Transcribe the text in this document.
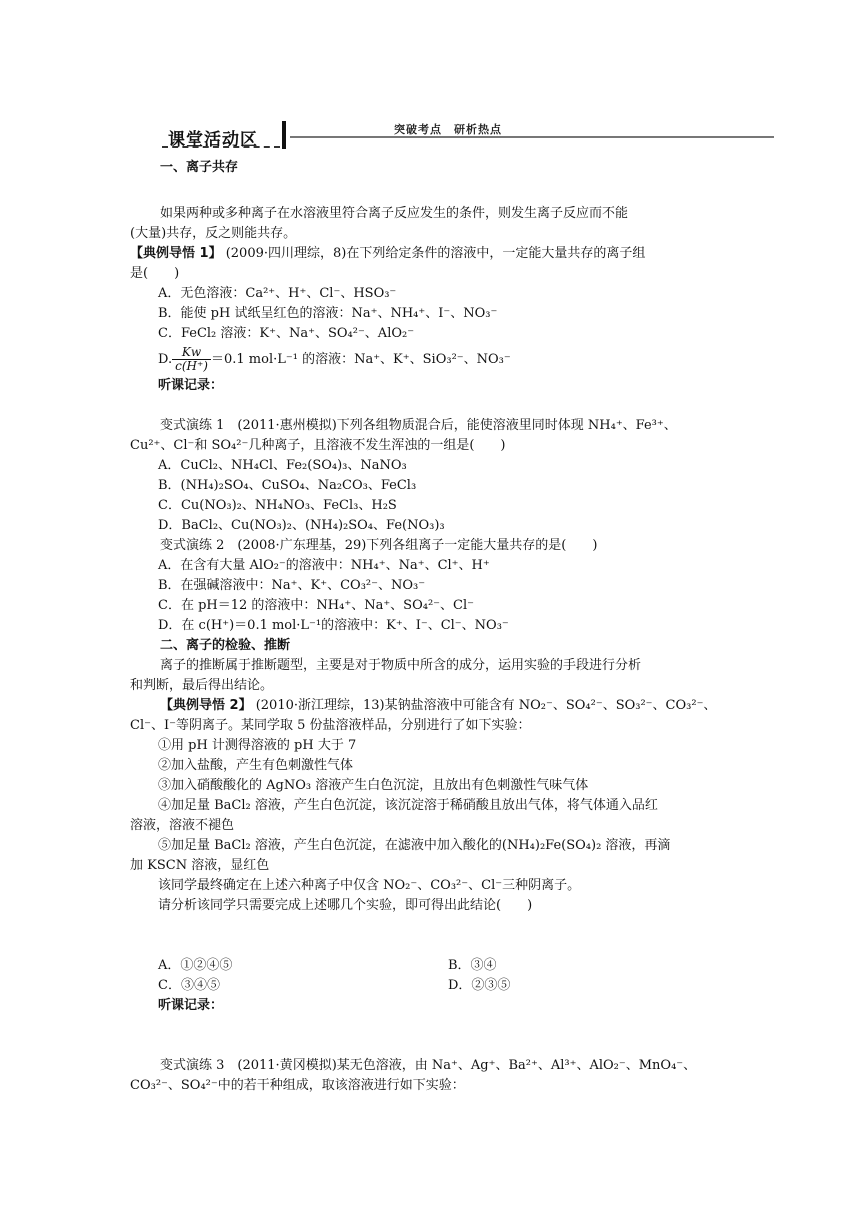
课堂活动区
突破考点　研析热点
一、离子共存
如果两种或多种离子在水溶液里符合离子反应发生的条件，则发生离子反应而不能
(大量)共存，反之则能共存。
【典例导悟 1】 (2009·四川理综，8)在下列给定条件的溶液中，一定能大量共存的离子组
是(　　)
A．无色溶液：Ca²⁺、H⁺、Cl⁻、HSO₃⁻
B．能使 pH 试纸呈红色的溶液：Na⁺、NH₄⁺、I⁻、NO₃⁻
C．FeCl₂ 溶液：K⁺、Na⁺、SO₄²⁻、AlO₂⁻
D. $\frac{Kw}{c(H^+)} =0.1$ mol·L⁻¹ 的溶液：Na⁺、K⁺、SiO₃²⁻、NO₃⁻
听课记录：
变式演练 1　(2011·惠州模拟)下列各组物质混合后，能使溶液里同时体现 NH₄⁺、Fe³⁺、
Cu²⁺、Cl⁻和 SO₄²⁻几种离子，且溶液不发生浑浊的一组是(　　)
A．CuCl₂、NH₄Cl、Fe₂(SO₄)₃、NaNO₃
B．(NH₄)₂SO₄、CuSO₄、Na₂CO₃、FeCl₃
C．Cu(NO₃)₂、NH₄NO₃、FeCl₃、H₂S
D．BaCl₂、Cu(NO₃)₂、(NH₄)₂SO₄、Fe(NO₃)₃
变式演练 2　(2008·广东理基，29)下列各组离子一定能大量共存的是(　　)
A．在含有大量 AlO₂⁻的溶液中：NH₄⁺、Na⁺、Cl⁺、H⁺
B．在强碱溶液中：Na⁺、K⁺、CO₃²⁻、NO₃⁻
C．在 pH＝12 的溶液中：NH₄⁺、Na⁺、SO₄²⁻、Cl⁻
D．在 c(H⁺)＝0.1 mol·L⁻¹的溶液中：K⁺、I⁻、Cl⁻、NO₃⁻
二、离子的检验、推断
离子的推断属于推断题型，主要是对于物质中所含的成分，运用实验的手段进行分析
和判断，最后得出结论。
【典例导悟 2】 (2010·浙江理综，13)某钠盐溶液中可能含有 NO₂⁻、SO₄²⁻、SO₃²⁻、CO₃²⁻、
Cl⁻、I⁻等阴离子。某同学取 5 份盐溶液样品，分别进行了如下实验：
①用 pH 计测得溶液的 pH 大于 7
②加入盐酸，产生有色刺激性气体
③加入硝酸酸化的 AgNO₃ 溶液产生白色沉淀，且放出有色刺激性气味气体
④加足量 BaCl₂ 溶液，产生白色沉淀，该沉淀溶于稀硝酸且放出气体，将气体通入品红
溶液，溶液不褪色
⑤加足量 BaCl₂ 溶液，产生白色沉淀，在滤液中加入酸化的(NH₄)₂Fe(SO₄)₂ 溶液，再滴
加 KSCN 溶液，显红色
该同学最终确定在上述六种离子中仅含 NO₂⁻、CO₃²⁻、Cl⁻三种阴离子。
请分析该同学只需要完成上述哪几个实验，即可得出此结论(　　)
A．①②④⑤	B．③④
C．③④⑤	D．②③⑤
听课记录：
变式演练 3　(2011·黄冈模拟)某无色溶液，由 Na⁺、Ag⁺、Ba²⁺、Al³⁺、AlO₂⁻、MnO₄⁻、
CO₃²⁻、SO₄²⁻中的若干种组成，取该溶液进行如下实验：
